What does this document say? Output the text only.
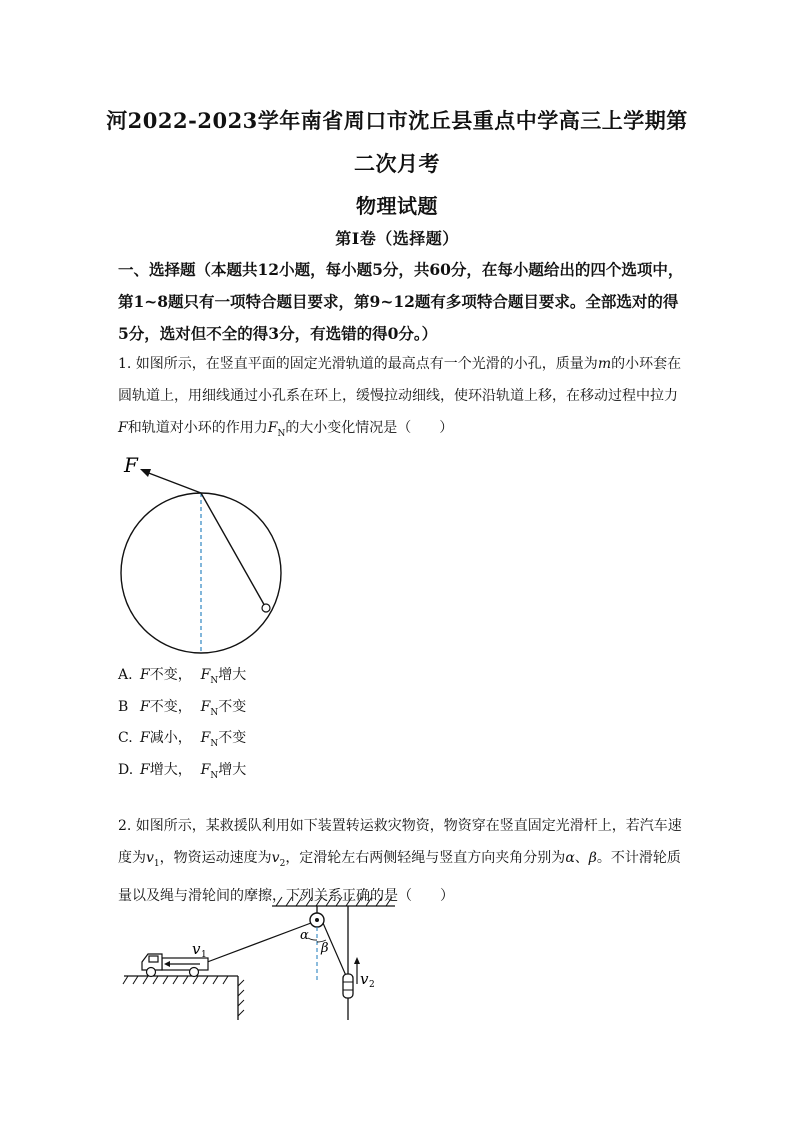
河2022-2023学年南省周口市沈丘县重点中学高三上学期第
二次月考
物理试题
第I卷（选择题）
一、选择题（本题共12小题，每小题5分，共60分，在每小题给出的四个选项中，第1~8题只有一项特合题目要求，第9~12题有多项特合题目要求。全部选对的得5分，选对但不全的得3分，有选错的得0分。）
1. 如图所示，在竖直平面的固定光滑轨道的最高点有一个光滑的小孔，质量为m的小环套在圆轨道上，用细线通过小孔系在环上，缓慢拉动细线，使环沿轨道上移，在移动过程中拉力F和轨道对小环的作用力$F_N$的大小变化情况是（　　）
F
A. F不变， $F_N$增大
B F不变， $F_N$不变
C. F减小， $F_N$不变
D. F增大， $F_N$增大
2. 如图所示，某救援队利用如下装置转运救灾物资，物资穿在竖直固定光滑杆上，若汽车速度为$v_1$，物资运动速度为$v_2$，定滑轮左右两侧轻绳与竖直方向夹角分别为α、β。不计滑轮质量以及绳与滑轮间的摩擦，下列关系正确的是（　　）
v 1
v 2
α
β
